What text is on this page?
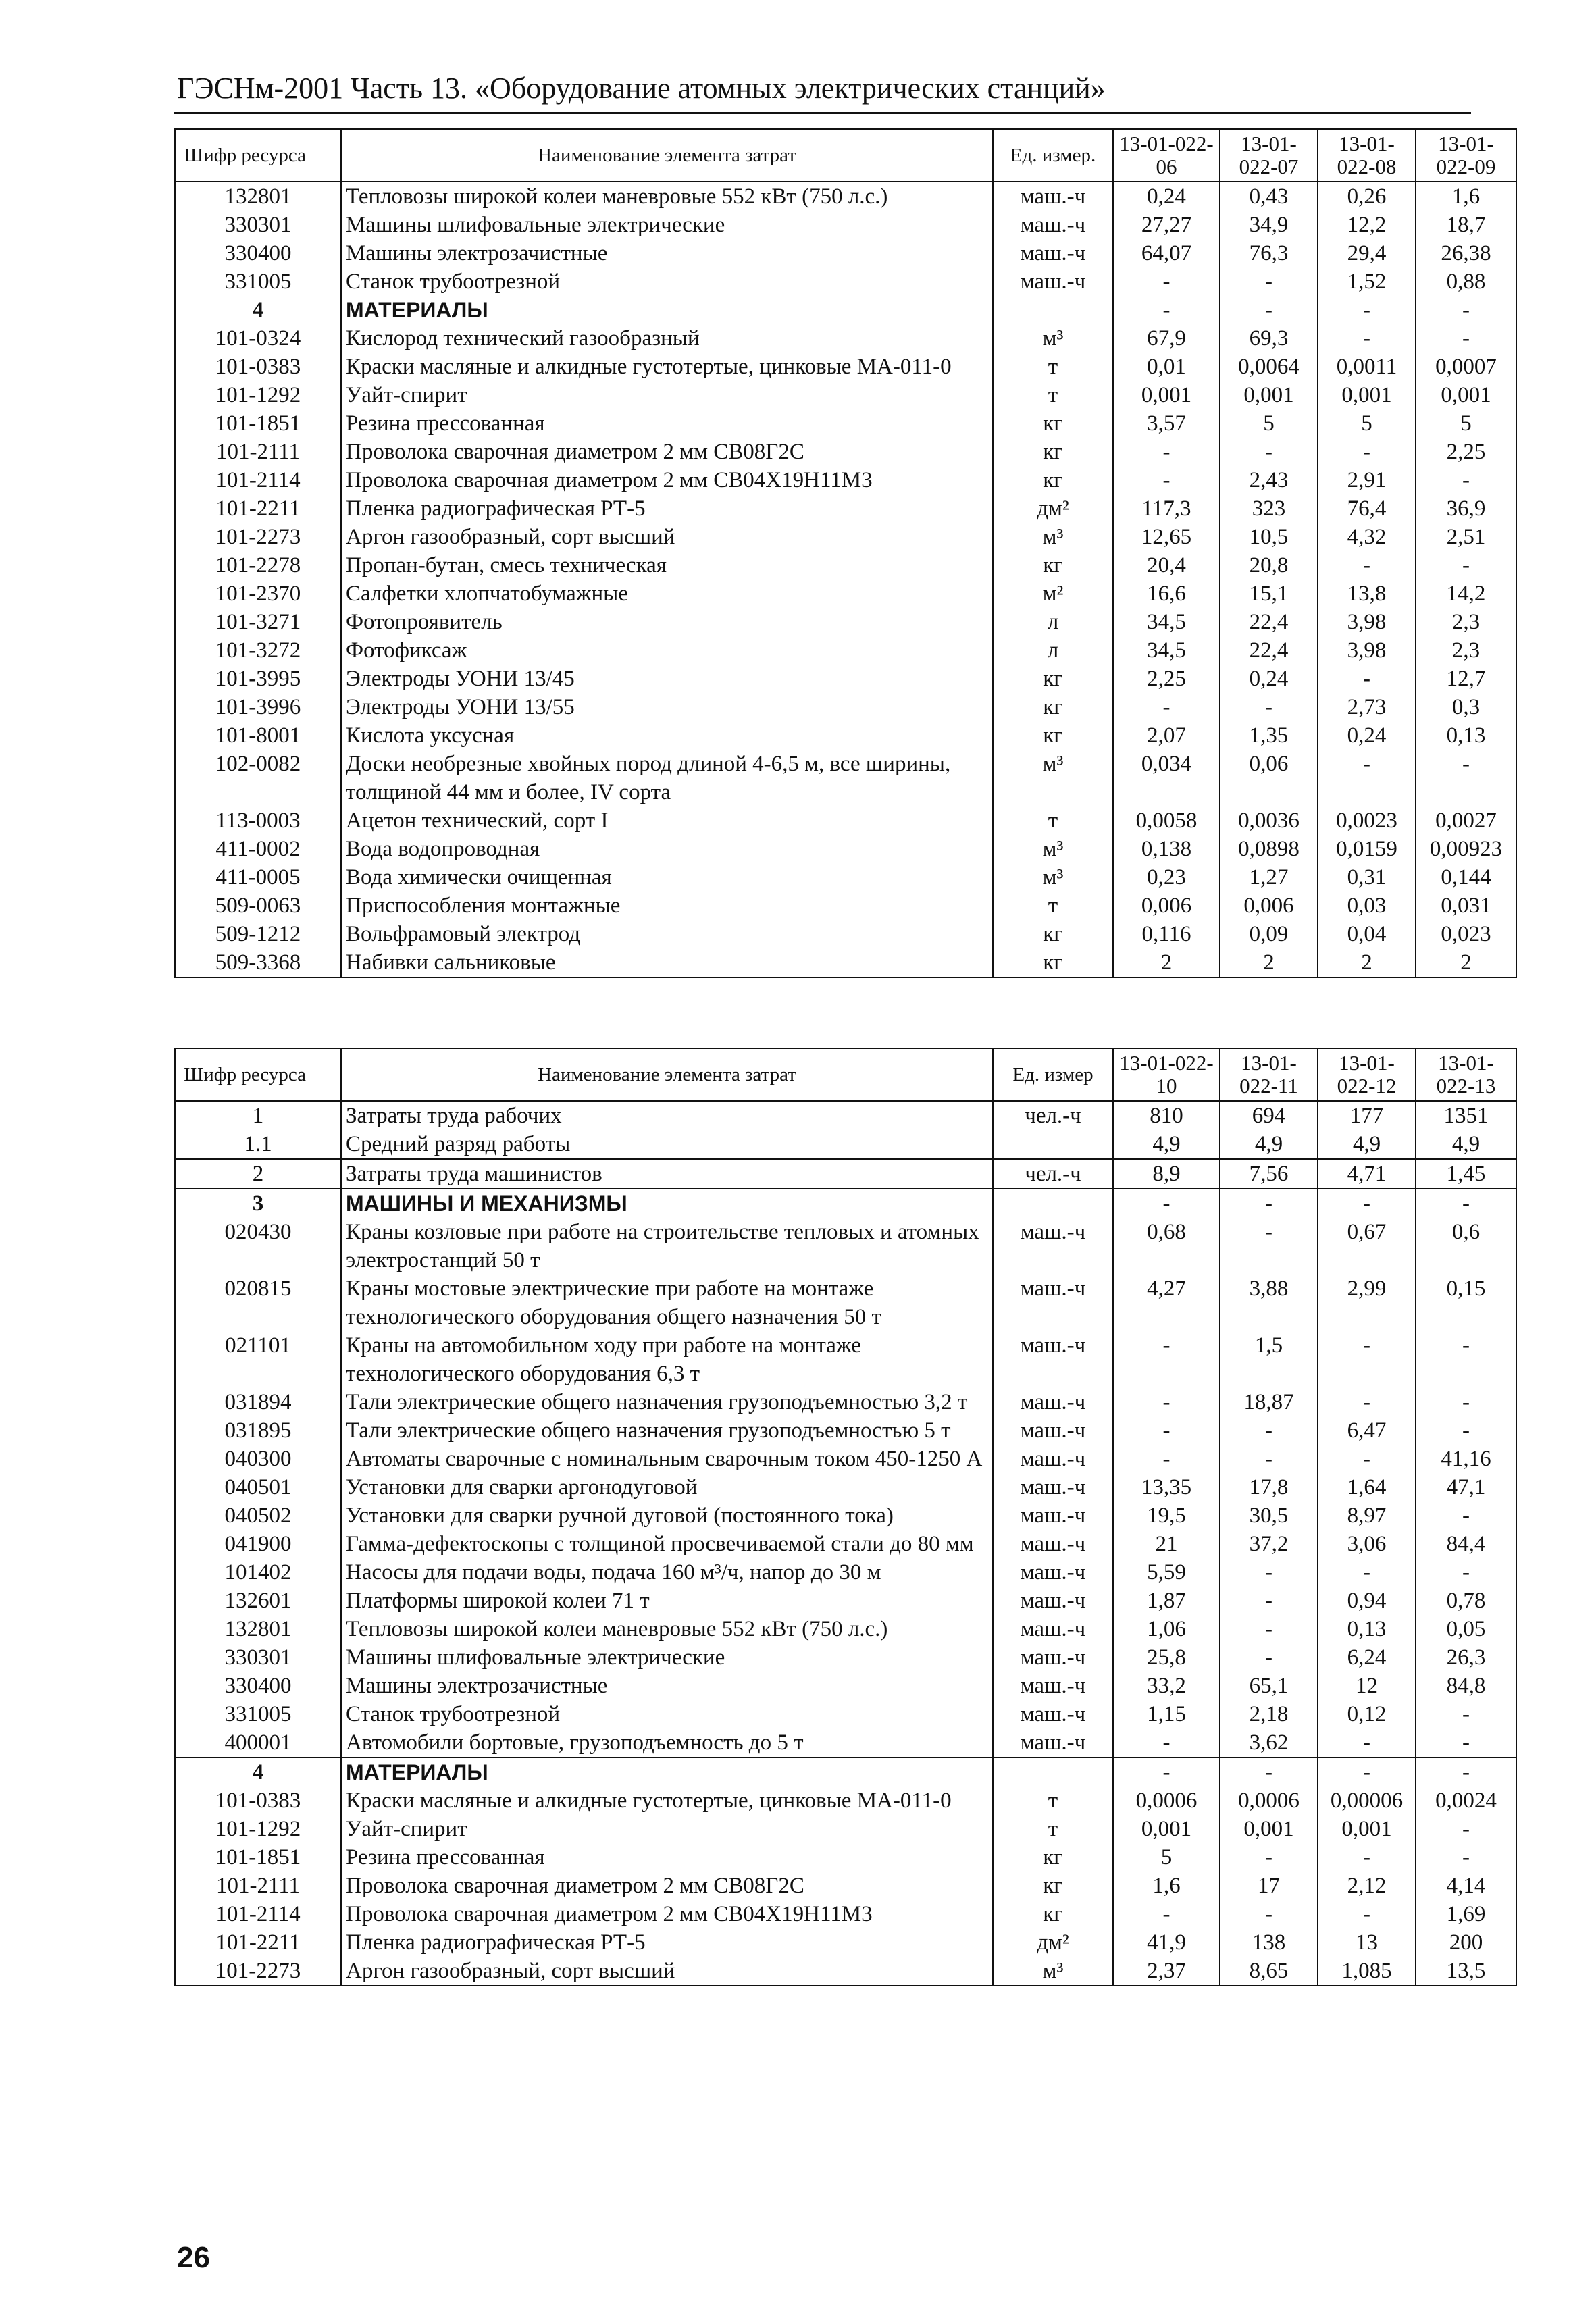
ГЭСНм-2001 Часть 13. «Оборудование атомных электрических станций»
Шифр ресурса	Наименование элемента затрат	Ед. измер.	13-01-022-06	13-01-022-07	13-01-022-08	13-01-022-09
132801	Тепловозы широкой колеи маневровые 552 кВт (750 л.с.)	маш.-ч	0,24	0,43	0,26	1,6
330301	Машины шлифовальные электрические	маш.-ч	27,27	34,9	12,2	18,7
330400	Машины электрозачистные	маш.-ч	64,07	76,3	29,4	26,38
331005	Станок трубоотрезной	маш.-ч	-	-	1,52	0,88
4	МАТЕРИАЛЫ		-	-	-	-
101-0324	Кислород технический газообразный	м³	67,9	69,3	-	-
101-0383	Краски масляные и алкидные густотертые, цинковые МА-011-0	т	0,01	0,0064	0,0011	0,0007
101-1292	Уайт-спирит	т	0,001	0,001	0,001	0,001
101-1851	Резина прессованная	кг	3,57	5	5	5
101-2111	Проволока сварочная диаметром 2 мм СВ08Г2С	кг	-	-	-	2,25
101-2114	Проволока сварочная диаметром 2 мм СВ04Х19Н11М3	кг	-	2,43	2,91	-
101-2211	Пленка радиографическая РТ-5	дм²	117,3	323	76,4	36,9
101-2273	Аргон газообразный, сорт высший	м³	12,65	10,5	4,32	2,51
101-2278	Пропан-бутан, смесь техническая	кг	20,4	20,8	-	-
101-2370	Салфетки хлопчатобумажные	м²	16,6	15,1	13,8	14,2
101-3271	Фотопроявитель	л	34,5	22,4	3,98	2,3
101-3272	Фотофиксаж	л	34,5	22,4	3,98	2,3
101-3995	Электроды УОНИ 13/45	кг	2,25	0,24	-	12,7
101-3996	Электроды УОНИ 13/55	кг	-	-	2,73	0,3
101-8001	Кислота уксусная	кг	2,07	1,35	0,24	0,13
102-0082	Доски необрезные хвойных пород длиной 4-6,5 м, все ширины, толщиной 44 мм и более, IV сорта	м³	0,034	0,06	-	-
113-0003	Ацетон технический, сорт I	т	0,0058	0,0036	0,0023	0,0027
411-0002	Вода водопроводная	м³	0,138	0,0898	0,0159	0,00923
411-0005	Вода химически очищенная	м³	0,23	1,27	0,31	0,144
509-0063	Приспособления монтажные	т	0,006	0,006	0,03	0,031
509-1212	Вольфрамовый электрод	кг	0,116	0,09	0,04	0,023
509-3368	Набивки сальниковые	кг	2	2	2	2
Шифр ресурса	Наименование элемента затрат	Ед. измер	13-01-022-10	13-01-022-11	13-01-022-12	13-01-022-13
1	Затраты труда рабочих	чел.-ч	810	694	177	1351
1.1	Средний разряд работы		4,9	4,9	4,9	4,9
2	Затраты труда машинистов	чел.-ч	8,9	7,56	4,71	1,45
3	МАШИНЫ И МЕХАНИЗМЫ		-	-	-	-
020430	Краны козловые при работе на строительстве тепловых и атомных электростанций 50 т	маш.-ч	0,68	-	0,67	0,6
020815	Краны мостовые электрические при работе на монтаже технологического оборудования общего назначения 50 т	маш.-ч	4,27	3,88	2,99	0,15
021101	Краны на автомобильном ходу при работе на монтаже технологического оборудования 6,3 т	маш.-ч	-	1,5	-	-
031894	Тали электрические общего назначения грузоподъемностью 3,2 т	маш.-ч	-	18,87	-	-
031895	Тали электрические общего назначения грузоподъемностью 5 т	маш.-ч	-	-	6,47	-
040300	Автоматы сварочные с номинальным сварочным током 450-1250 А	маш.-ч	-	-	-	41,16
040501	Установки для сварки аргонодуговой	маш.-ч	13,35	17,8	1,64	47,1
040502	Установки для сварки ручной дуговой (постоянного тока)	маш.-ч	19,5	30,5	8,97	-
041900	Гамма-дефектоскопы с толщиной просвечиваемой стали до 80 мм	маш.-ч	21	37,2	3,06	84,4
101402	Насосы для подачи воды, подача 160 м³/ч, напор до 30 м	маш.-ч	5,59	-	-	-
132601	Платформы широкой колеи 71 т	маш.-ч	1,87	-	0,94	0,78
132801	Тепловозы широкой колеи маневровые 552 кВт (750 л.с.)	маш.-ч	1,06	-	0,13	0,05
330301	Машины шлифовальные электрические	маш.-ч	25,8	-	6,24	26,3
330400	Машины электрозачистные	маш.-ч	33,2	65,1	12	84,8
331005	Станок трубоотрезной	маш.-ч	1,15	2,18	0,12	-
400001	Автомобили бортовые, грузоподъемность до 5 т	маш.-ч	-	3,62	-	-
4	МАТЕРИАЛЫ		-	-	-	-
101-0383	Краски масляные и алкидные густотертые, цинковые МА-011-0	т	0,0006	0,0006	0,00006	0,0024
101-1292	Уайт-спирит	т	0,001	0,001	0,001	-
101-1851	Резина прессованная	кг	5	-	-	-
101-2111	Проволока сварочная диаметром 2 мм СВ08Г2С	кг	1,6	17	2,12	4,14
101-2114	Проволока сварочная диаметром 2 мм СВ04Х19Н11М3	кг	-	-	-	1,69
101-2211	Пленка радиографическая РТ-5	дм²	41,9	138	13	200
101-2273	Аргон газообразный, сорт высший	м³	2,37	8,65	1,085	13,5
26
